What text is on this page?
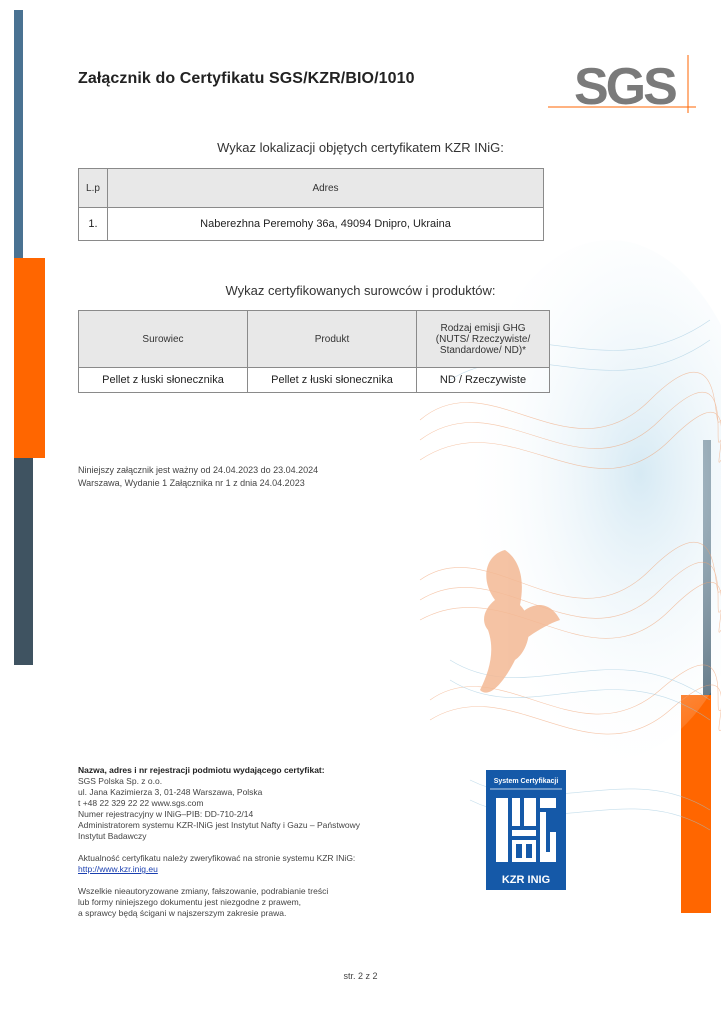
Załącznik do Certyfikatu SGS/KZR/BIO/1010	SGS
Wykaz lokalizacji objętych certyfikatem KZR INiG:
L.p	Adres
1.	Naberezhna Peremohy 36a, 49094 Dnipro, Ukraina
Wykaz certyfikowanych surowców i produktów:
Surowiec	Produkt	Rodzaj emisji GHG
(NUTS/ Rzeczywiste/
Standardowe/ ND)*

Pellet z łuski słonecznika	Pellet z łuski słonecznika	ND / Rzeczywiste
Niniejszy załącznik jest ważny od 24.04.2023 do 23.04.2024
Warszawa, Wydanie 1 Załącznika nr 1 z dnia 24.04.2023
Nazwa, adres i nr rejestracji podmiotu wydającego certyfikat:
SGS Polska Sp. z o.o.
ul. Jana Kazimierza 3, 01-248 Warszawa, Polska
t +48 22 329 22 22 www.sgs.com
Numer rejestracyjny w INiG–PIB: DD-710-2/14
Administratorem systemu KZR-INiG jest Instytut Nafty i Gazu – Państwowy
Instytut Badawczy
Aktualność certyfikatu należy zweryfikować na stronie systemu KZR INiG:
http://www.kzr.inig.eu
Wszelkie nieautoryzowane zmiany, fałszowanie, podrabianie treści
lub formy niniejszego dokumentu jest niezgodne z prawem,
a sprawcy będą ścigani w najszerszym zakresie prawa.
System Certyfikacji
KZR INIG
str. 2 z 2
